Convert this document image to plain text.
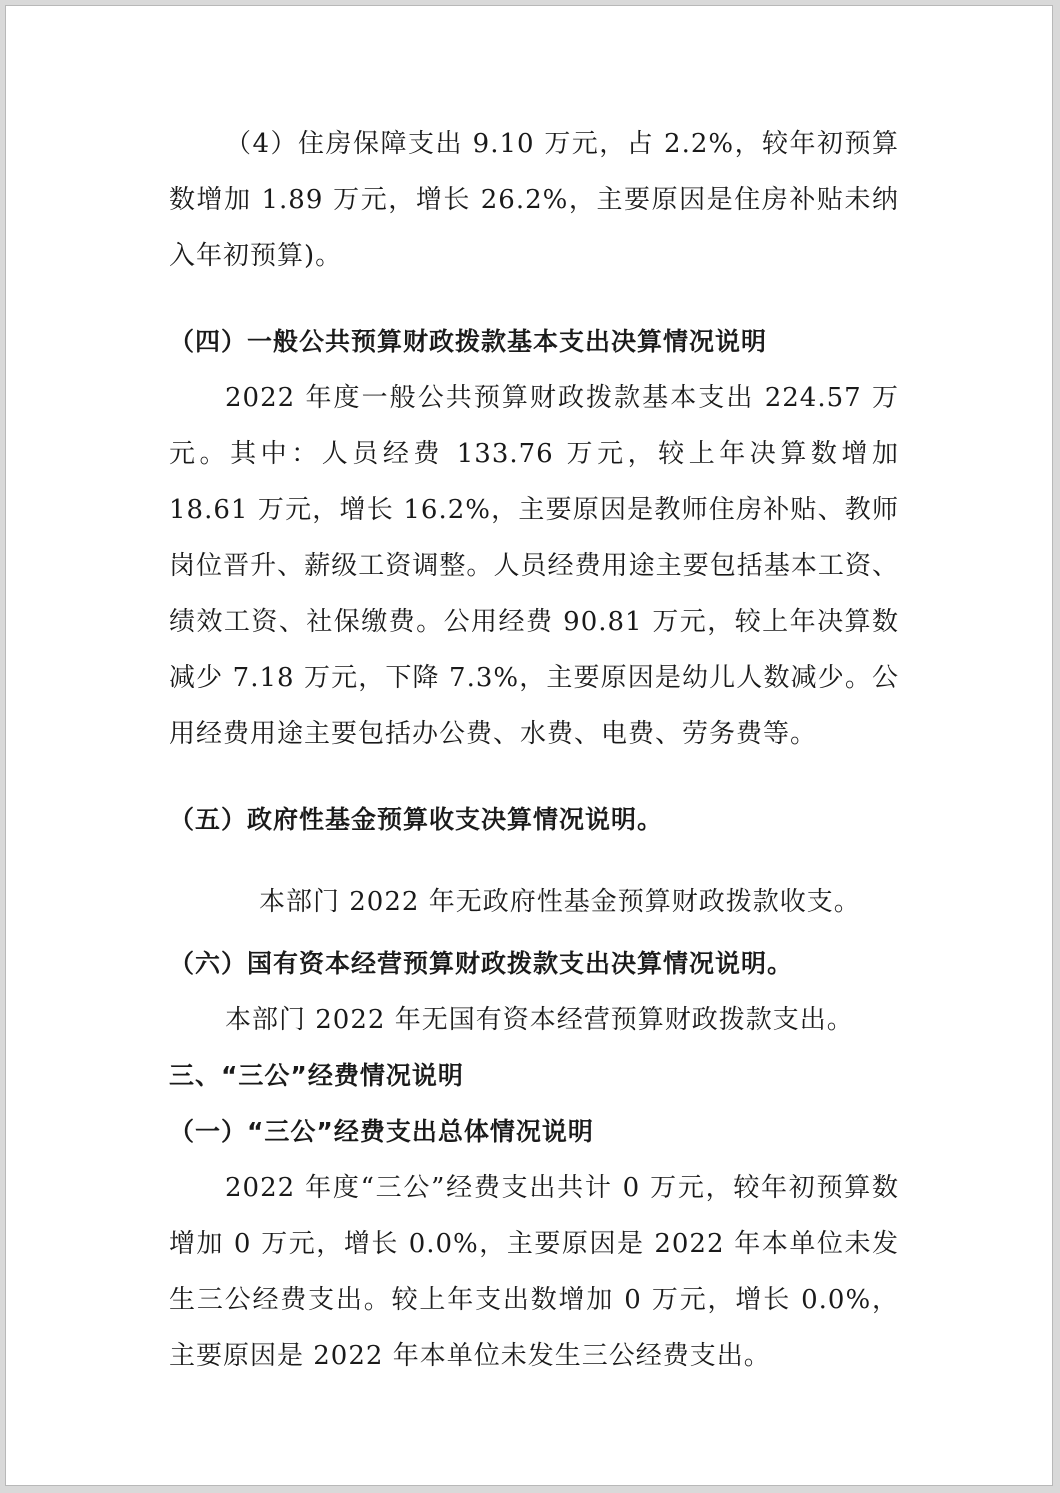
（4）住房保障支出 9.10 万元，占 2.2%，较年初预算数增加 1.89 万元，增长 26.2%，主要原因是住房补贴未纳入年初预算)。

（四）一般公共预算财政拨款基本支出决算情况说明

2022 年度一般公共预算财政拨款基本支出 224.57 万元。其中：人员经费 133.76 万元，较上年决算数增加 18.61 万元，增长 16.2%，主要原因是教师住房补贴、教师岗位晋升、薪级工资调整。人员经费用途主要包括基本工资、绩效工资、社保缴费。公用经费 90.81 万元，较上年决算数减少 7.18 万元，下降 7.3%，主要原因是幼儿人数减少。公用经费用途主要包括办公费、水费、电费、劳务费等。

（五）政府性基金预算收支决算情况说明。

本部门 2022 年无政府性基金预算财政拨款收支。

（六）国有资本经营预算财政拨款支出决算情况说明。

本部门 2022 年无国有资本经营预算财政拨款支出。

三、“三公”经费情况说明
（一）“三公”经费支出总体情况说明

2022 年度“三公”经费支出共计 0 万元，较年初预算数增加 0 万元，增长 0.0%，主要原因是 2022 年本单位未发生三公经费支出。较上年支出数增加 0 万元，增长 0.0%，主要原因是 2022 年本单位未发生三公经费支出。
